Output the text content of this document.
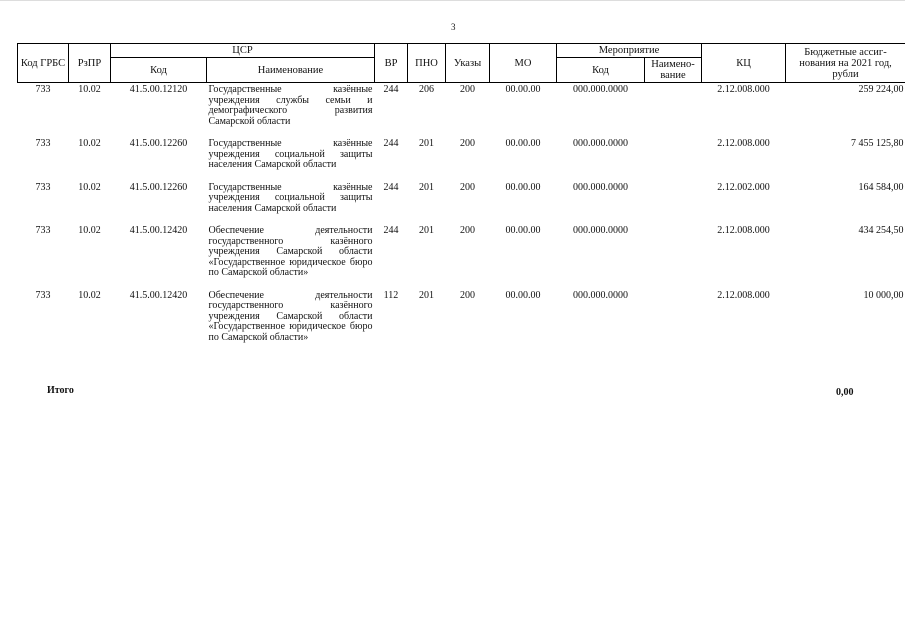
3
Код ГРБС	РзПР	ЦСР		ВР	ПНО	Указы	МО	Мероприятие		КЦ	Бюджетные ассиг-нования на 2021 год, рубли
		Код	Наименование					Код	Наимено-вание		
733	10.02	41.5.00.12120	Государственные казённые учреждения службы семьи и демографического развития Самарской области	244	206	200	00.00.00	000.000.0000		2.12.008.000	259 224,00

733	10.02	41.5.00.12260	Государственные казённые учреждения социальной защиты населения Самарской области	244	201	200	00.00.00	000.000.0000		2.12.008.000	7 455 125,80

733	10.02	41.5.00.12260	Государственные казённые учреждения социальной защиты населения Самарской области	244	201	200	00.00.00	000.000.0000		2.12.002.000	164 584,00

733	10.02	41.5.00.12420	Обеспечение деятельности государственного казённого учреждения Самарской области «Государственное юридическое бюро по Самарской области»	244	201	200	00.00.00	000.000.0000		2.12.008.000	434 254,50

733	10.02	41.5.00.12420	Обеспечение деятельности государственного казённого учреждения Самарской области «Государственное юридическое бюро по Самарской области»	112	201	200	00.00.00	000.000.0000		2.12.008.000	10 000,00
Итого	0,00
